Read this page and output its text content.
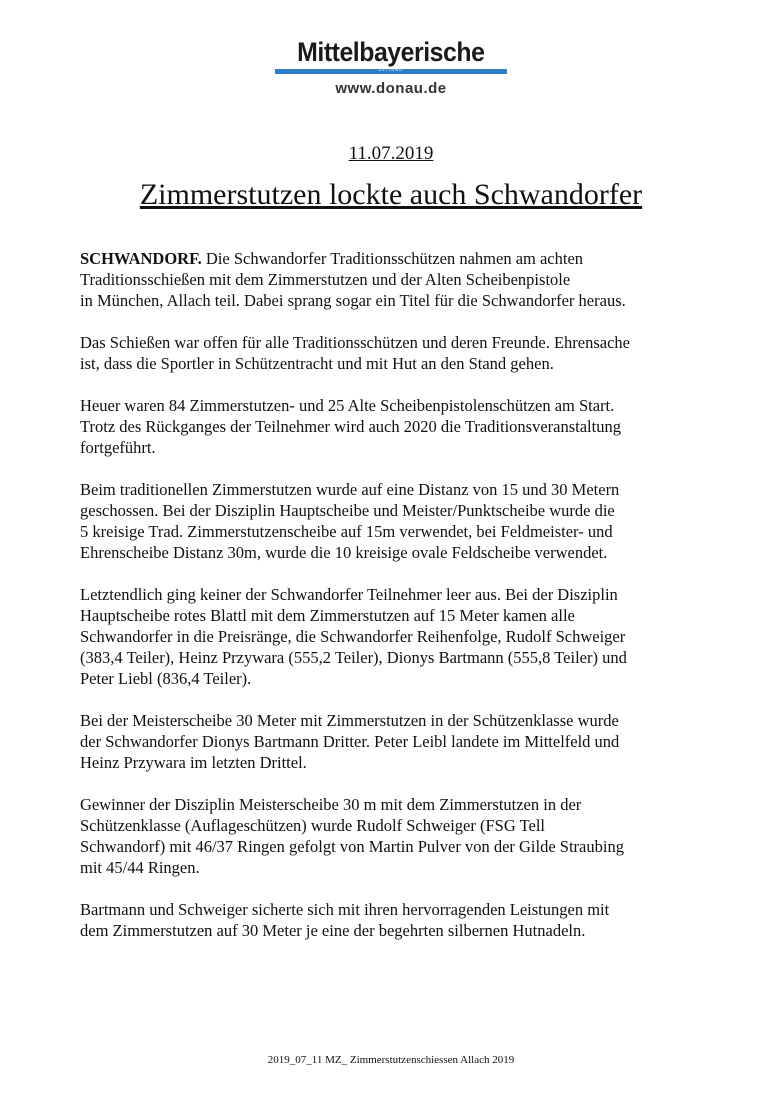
Mittelbayerische
ZEITUNG
www.donau.de
11.07.2019
Zimmerstutzen lockte auch Schwandorfer

SCHWANDORF. Die Schwandorfer Traditionsschützen nahmen am achten
Traditionsschießen mit dem Zimmerstutzen und der Alten Scheibenpistole
in München, Allach teil. Dabei sprang sogar ein Titel für die Schwandorfer heraus.

Das Schießen war offen für alle Traditionsschützen und deren Freunde. Ehrensache
ist, dass die Sportler in Schützentracht und mit Hut an den Stand gehen.

Heuer waren 84 Zimmerstutzen- und 25 Alte Scheibenpistolenschützen am Start.
Trotz des Rückganges der Teilnehmer wird auch 2020 die Traditionsveranstaltung
fortgeführt.

Beim traditionellen Zimmerstutzen wurde auf eine Distanz von 15 und 30 Metern
geschossen. Bei der Disziplin Hauptscheibe und Meister/Punktscheibe wurde die
5 kreisige Trad. Zimmerstutzenscheibe auf 15m verwendet, bei Feldmeister- und
Ehrenscheibe Distanz 30m, wurde die 10 kreisige ovale Feldscheibe verwendet.

Letztendlich ging keiner der Schwandorfer Teilnehmer leer aus. Bei der Disziplin
Hauptscheibe rotes Blattl mit dem Zimmerstutzen auf 15 Meter kamen alle
Schwandorfer in die Preisränge, die Schwandorfer Reihenfolge, Rudolf Schweiger
(383,4 Teiler), Heinz Przywara (555,2 Teiler), Dionys Bartmann (555,8 Teiler) und
Peter Liebl (836,4 Teiler).

Bei der Meisterscheibe 30 Meter mit Zimmerstutzen in der Schützenklasse wurde
der Schwandorfer Dionys Bartmann Dritter. Peter Leibl landete im Mittelfeld und
Heinz Przywara im letzten Drittel.

Gewinner der Disziplin Meisterscheibe 30 m mit dem Zimmerstutzen in der
Schützenklasse (Auflageschützen) wurde Rudolf Schweiger (FSG Tell
Schwandorf) mit 46/37 Ringen gefolgt von Martin Pulver von der Gilde Straubing
mit 45/44 Ringen.

Bartmann und Schweiger sicherte sich mit ihren hervorragenden Leistungen mit
dem Zimmerstutzen auf 30 Meter je eine der begehrten silbernen Hutnadeln.

2019_07_11 MZ_ Zimmerstutzenschiessen Allach 2019
